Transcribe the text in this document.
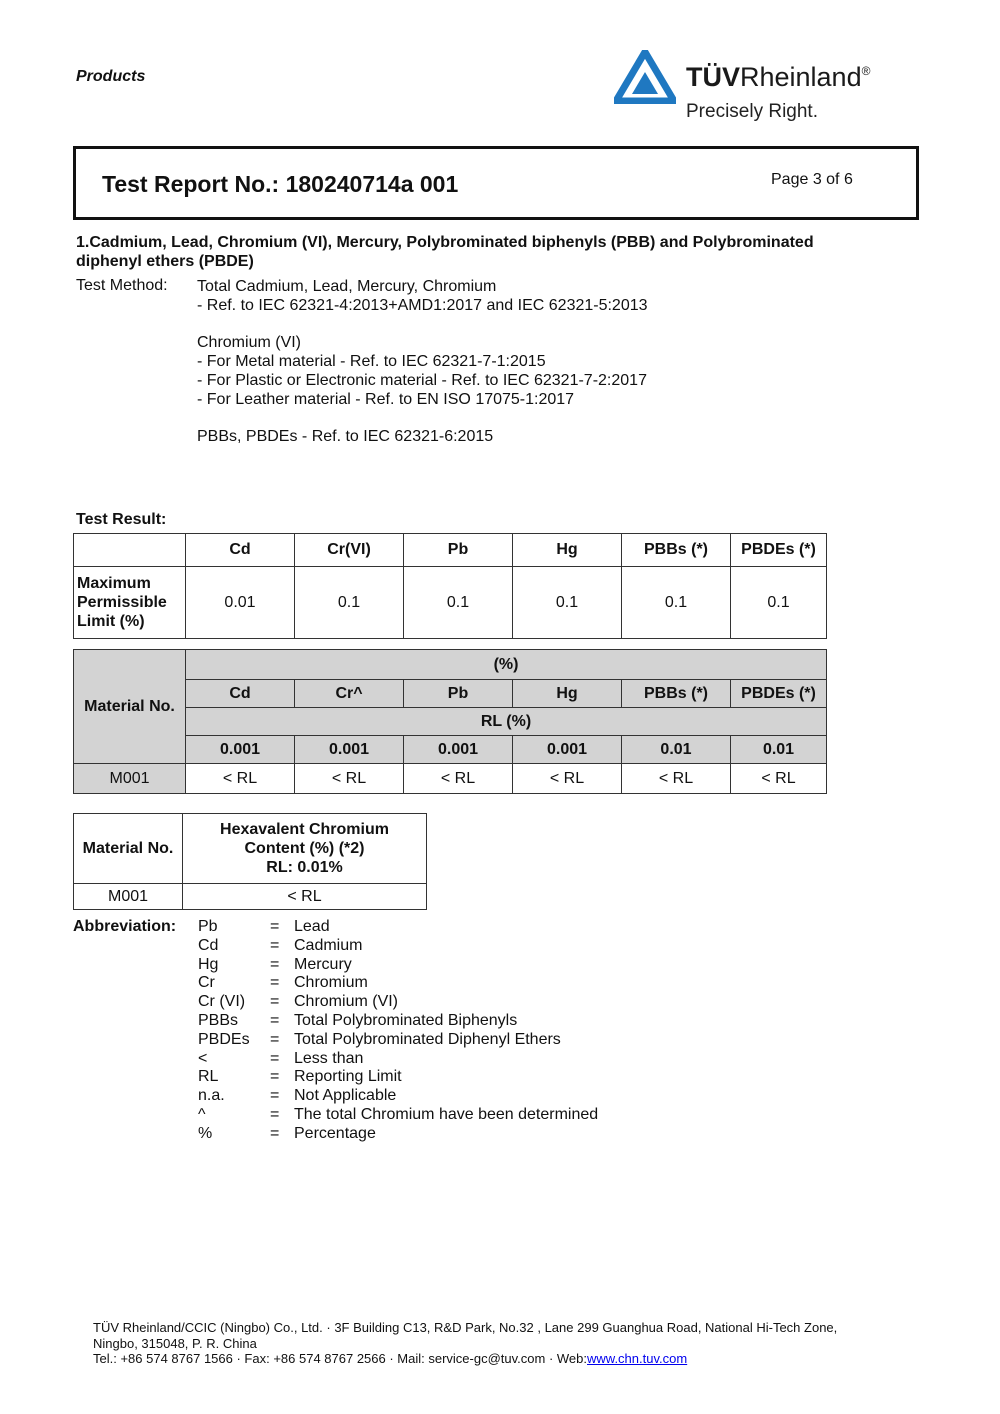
Products	TÜVRheinland®
Precisely Right.
Test Report No.: 180240714a 001	Page 3 of 6
1.Cadmium, Lead, Chromium (VI), Mercury, Polybrominated biphenyls (PBB) and Polybrominated diphenyl ethers (PBDE)
Test Method: Total Cadmium, Lead, Mercury, Chromium
- Ref. to IEC 62321-4:2013+AMD1:2017 and IEC 62321-5:2013
Chromium (VI)
- For Metal material - Ref. to IEC 62321-7-1:2015
- For Plastic or Electronic material - Ref. to IEC 62321-7-2:2017
- For Leather material - Ref. to EN ISO 17075-1:2017
PBBs, PBDEs - Ref. to IEC 62321-6:2015
Test Result:
	Cd	Cr(VI)	Pb	Hg	PBBs (*)	PBDEs (*)
Maximum Permissible Limit (%)	0.01	0.1	0.1	0.1	0.1	0.1
Material No.	(%)					
	Cd	Cr^	Pb	Hg	PBBs (*)	PBDEs (*)
	RL (%)					
	0.001	0.001	0.001	0.001	0.01	0.01
M001	< RL	< RL	< RL	< RL	< RL	< RL
Material No.	Hexavalent Chromium
Content (%) (*2)
RL: 0.01%

M001	< RL
Abbreviation: Pb	= Lead
Cd	= Cadmium
Hg	= Mercury
Cr	= Chromium
Cr (VI)	= Chromium (VI)
PBBs	= Total Polybrominated Biphenyls
PBDEs	= Total Polybrominated Diphenyl Ethers
<	= Less than
RL	= Reporting Limit
n.a.	= Not Applicable
^	= The total Chromium have been determined
%	= Percentage
TÜV Rheinland/CCIC (Ningbo) Co., Ltd. · 3F Building C13, R&D Park, No.32 , Lane 299 Guanghua Road, National Hi-Tech Zone,
Ningbo, 315048, P. R. China
Tel.: +86 574 8767 1566 · Fax: +86 574 8767 2566 · Mail: service-gc@tuv.com · Web:www.chn.tuv.com
